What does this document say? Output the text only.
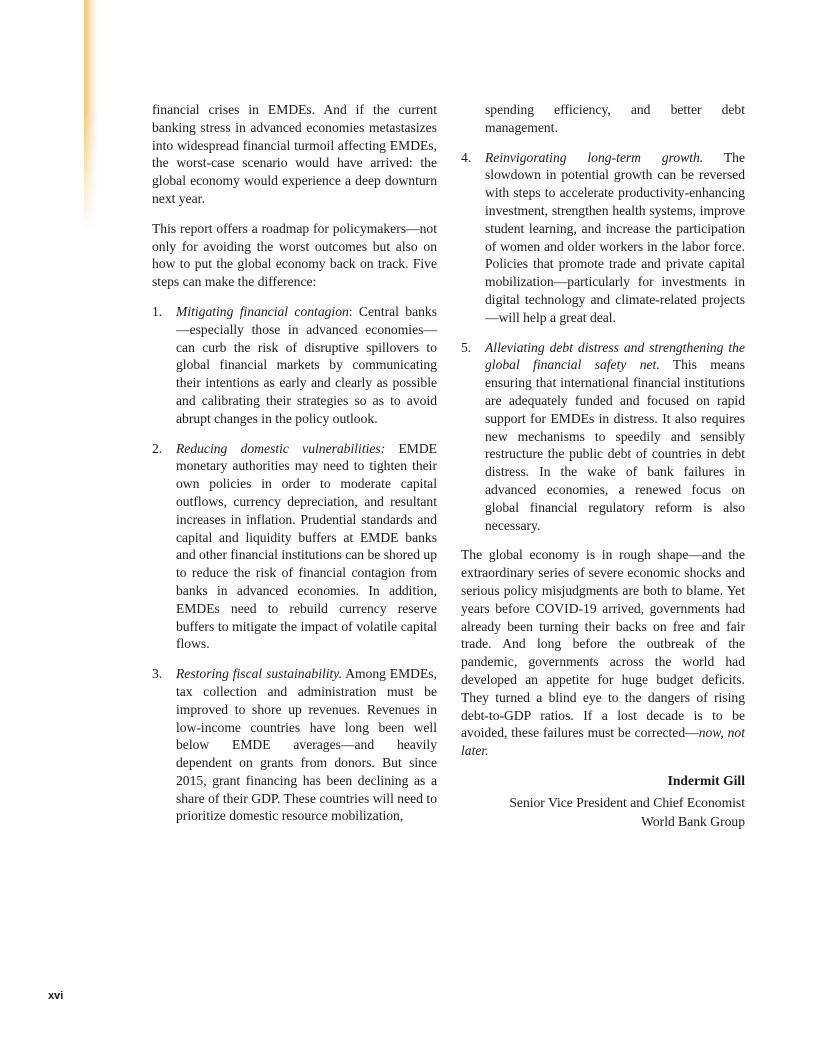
financial crises in EMDEs. And if the current banking stress in advanced economies metastasizes into widespread financial turmoil affecting EMDEs, the worst-case scenario would have arrived: the global economy would experience a deep downturn next year.

This report offers a roadmap for policymakers—not only for avoiding the worst outcomes but also on how to put the global economy back on track. Five steps can make the difference:

1. Mitigating financial contagion: Central banks—especially those in advanced economies—can curb the risk of disruptive spillovers to global financial markets by communicating their intentions as early and clearly as possible and calibrating their strategies so as to avoid abrupt changes in the policy outlook.
2. Reducing domestic vulnerabilities: EMDE monetary authorities may need to tighten their own policies in order to moderate capital outflows, currency depreciation, and resultant increases in inflation. Prudential standards and capital and liquidity buffers at EMDE banks and other financial institutions can be shored up to reduce the risk of financial contagion from banks in advanced economies. In addition, EMDEs need to rebuild currency reserve buffers to mitigate the impact of volatile capital flows.
3. Restoring fiscal sustainability. Among EMDEs, tax collection and administration must be improved to shore up revenues. Revenues in low-income countries have long been well below EMDE averages—and heavily dependent on grants from donors. But since 2015, grant financing has been declining as a share of their GDP. These countries will need to prioritize domestic resource mobilization,
spending efficiency, and better debt management.
4. Reinvigorating long-term growth. The slowdown in potential growth can be reversed with steps to accelerate productivity-enhancing investment, strengthen health systems, improve student learning, and increase the participation of women and older workers in the labor force. Policies that promote trade and private capital mobilization—particularly for investments in digital technology and climate-related projects—will help a great deal.
5. Alleviating debt distress and strengthening the global financial safety net. This means ensuring that international financial institutions are adequately funded and focused on rapid support for EMDEs in distress. It also requires new mechanisms to speedily and sensibly restructure the public debt of countries in debt distress. In the wake of bank failures in advanced economies, a renewed focus on global financial regulatory reform is also necessary.

The global economy is in rough shape—and the extraordinary series of severe economic shocks and serious policy misjudgments are both to blame. Yet years before COVID-19 arrived, governments had already been turning their backs on free and fair trade. And long before the outbreak of the pandemic, governments across the world had developed an appetite for huge budget deficits. They turned a blind eye to the dangers of rising debt-to-GDP ratios. If a lost decade is to be avoided, these failures must be corrected—now, not later.

Indermit Gill
Senior Vice President and Chief Economist
World Bank Group
xvi
